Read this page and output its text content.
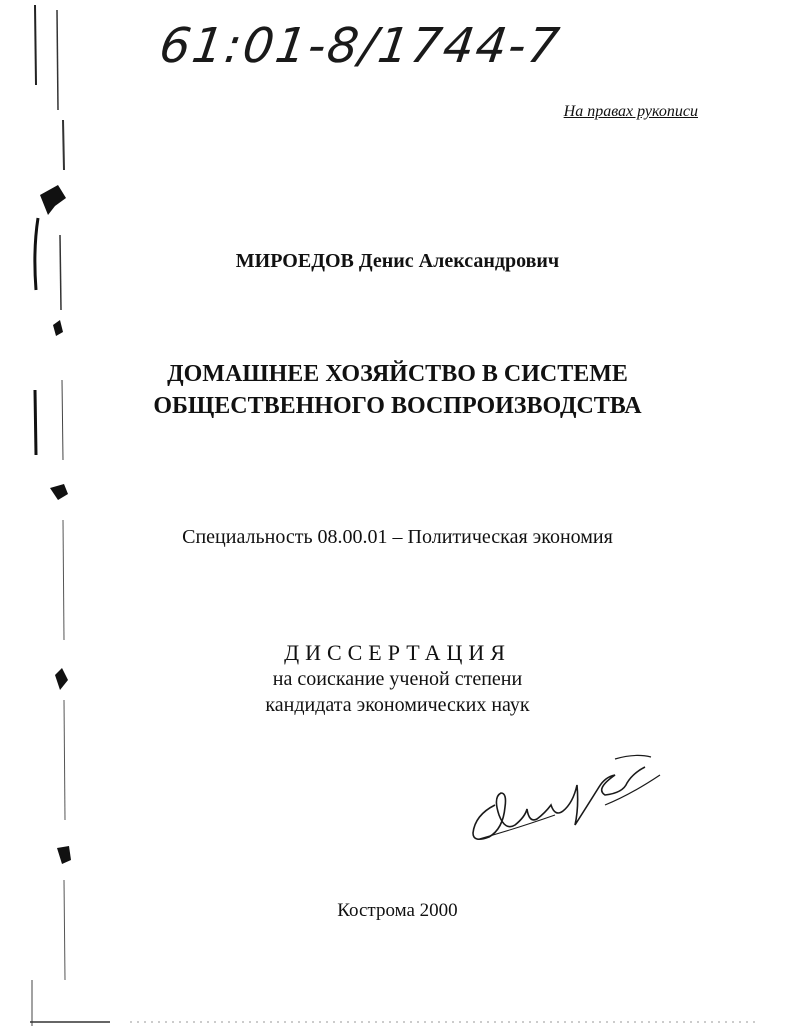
61:01-8/1744-7
На правах рукописи
МИРОЕДОВ Денис Александрович
ДОМАШНЕЕ ХОЗЯЙСТВО В СИСТЕМЕ
ОБЩЕСТВЕННОГО ВОСПРОИЗВОДСТВА
Специальность 08.00.01 – Политическая экономия
ДИССЕРТАЦИЯ
на соискание ученой степени
кандидата экономических наук
Кострома 2000
